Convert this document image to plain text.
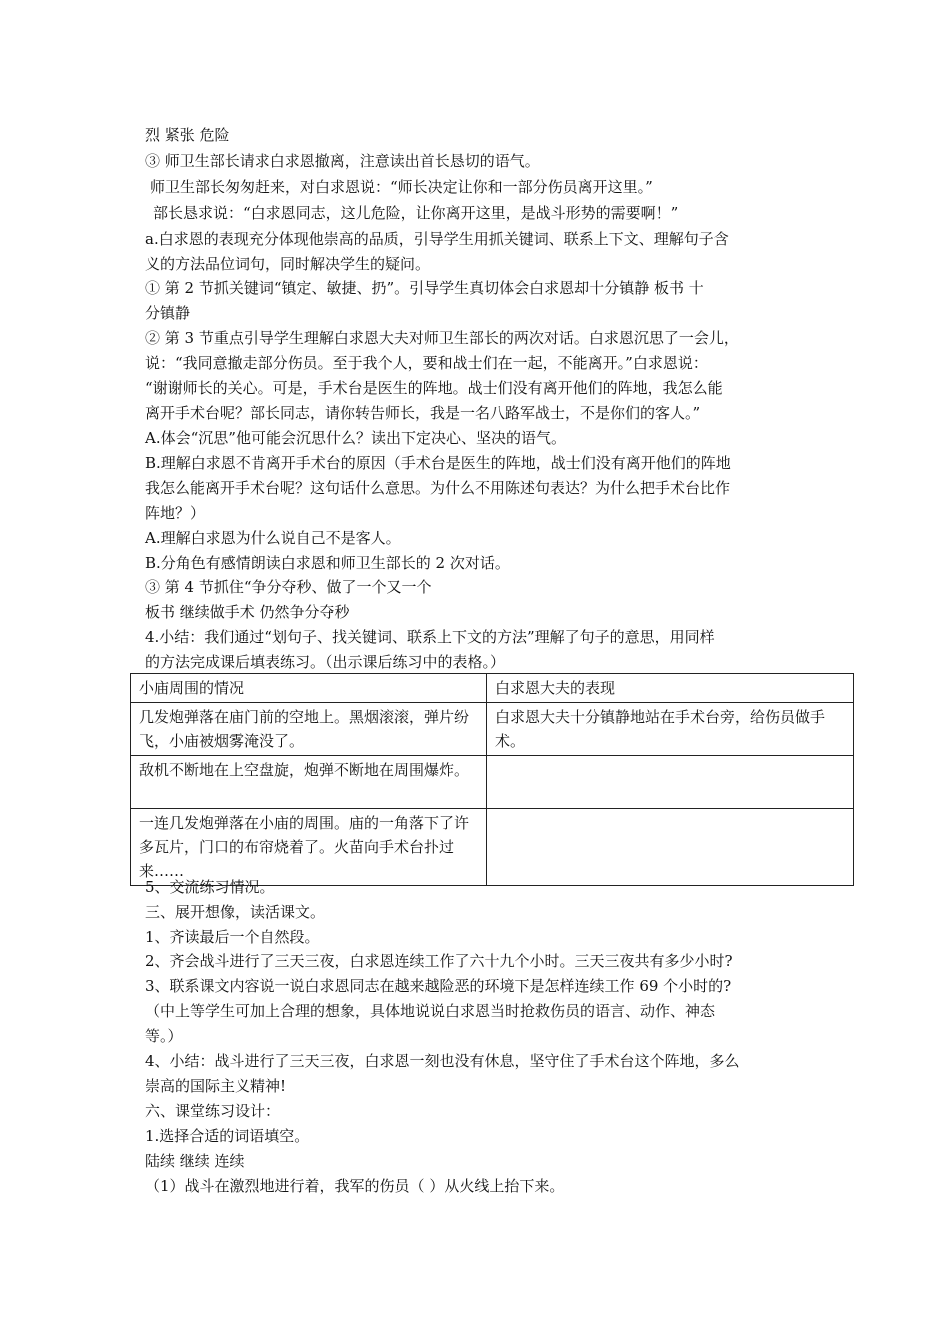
烈 紧张 危险
③ 师卫生部长请求白求恩撤离，注意读出首长恳切的语气。
师卫生部长匆匆赶来，对白求恩说：“师长决定让你和一部分伤员离开这里。”
部长恳求说：“白求恩同志，这儿危险，让你离开这里，是战斗形势的需要啊！”
a.白求恩的表现充分体现他崇高的品质，引导学生用抓关键词、联系上下文、理解句子含
义的方法品位词句，同时解决学生的疑问。
① 第 2 节抓关键词“镇定、敏捷、扔”。引导学生真切体会白求恩却十分镇静 板书 十
分镇静
② 第 3 节重点引导学生理解白求恩大夫对师卫生部长的两次对话。白求恩沉思了一会儿，
说：“我同意撤走部分伤员。至于我个人，要和战士们在一起，不能离开。”白求恩说：
“谢谢师长的关心。可是，手术台是医生的阵地。战士们没有离开他们的阵地，我怎么能
离开手术台呢？部长同志，请你转告师长，我是一名八路军战士，不是你们的客人。”
A.体会“沉思”他可能会沉思什么？读出下定决心、坚决的语气。
B.理解白求恩不肯离开手术台的原因（手术台是医生的阵地，战士们没有离开他们的阵地
我怎么能离开手术台呢？这句话什么意思。为什么不用陈述句表达？为什么把手术台比作
阵地？）
A.理解白求恩为什么说自己不是客人。
B.分角色有感情朗读白求恩和师卫生部长的 2 次对话。
③ 第 4 节抓住“争分夺秒、做了一个又一个
板书 继续做手术 仍然争分夺秒
4.小结：我们通过“划句子、找关键词、联系上下文的方法”理解了句子的意思，用同样
的方法完成课后填表练习。（出示课后练习中的表格。）
小庙周围的情况	白求恩大夫的表现
几发炮弹落在庙门前的空地上。黑烟滚滚，弹片纷飞，小庙被烟雾淹没了。	白求恩大夫十分镇静地站在手术台旁，给伤员做手术。
敌机不断地在上空盘旋，炮弹不断地在周围爆炸。	
一连几发炮弹落在小庙的周围。庙的一角落下了许多瓦片，门口的布帘烧着了。火苗向手术台扑过来……	
5、交流练习情况。
三、展开想像，读活课文。
1、齐读最后一个自然段。
2、齐会战斗进行了三天三夜，白求恩连续工作了六十九个小时。三天三夜共有多少小时?
3、联系课文内容说一说白求恩同志在越来越险恶的环境下是怎样连续工作 69 个小时的?
（中上等学生可加上合理的想象，具体地说说白求恩当时抢救伤员的语言、动作、神态
等。）
4、小结：战斗进行了三天三夜，白求恩一刻也没有休息，坚守住了手术台这个阵地，多么
崇高的国际主义精神!
六、课堂练习设计：
1.选择合适的词语填空。
陆续 继续 连续
（1）战斗在激烈地进行着，我军的伤员（ ）从火线上抬下来。
